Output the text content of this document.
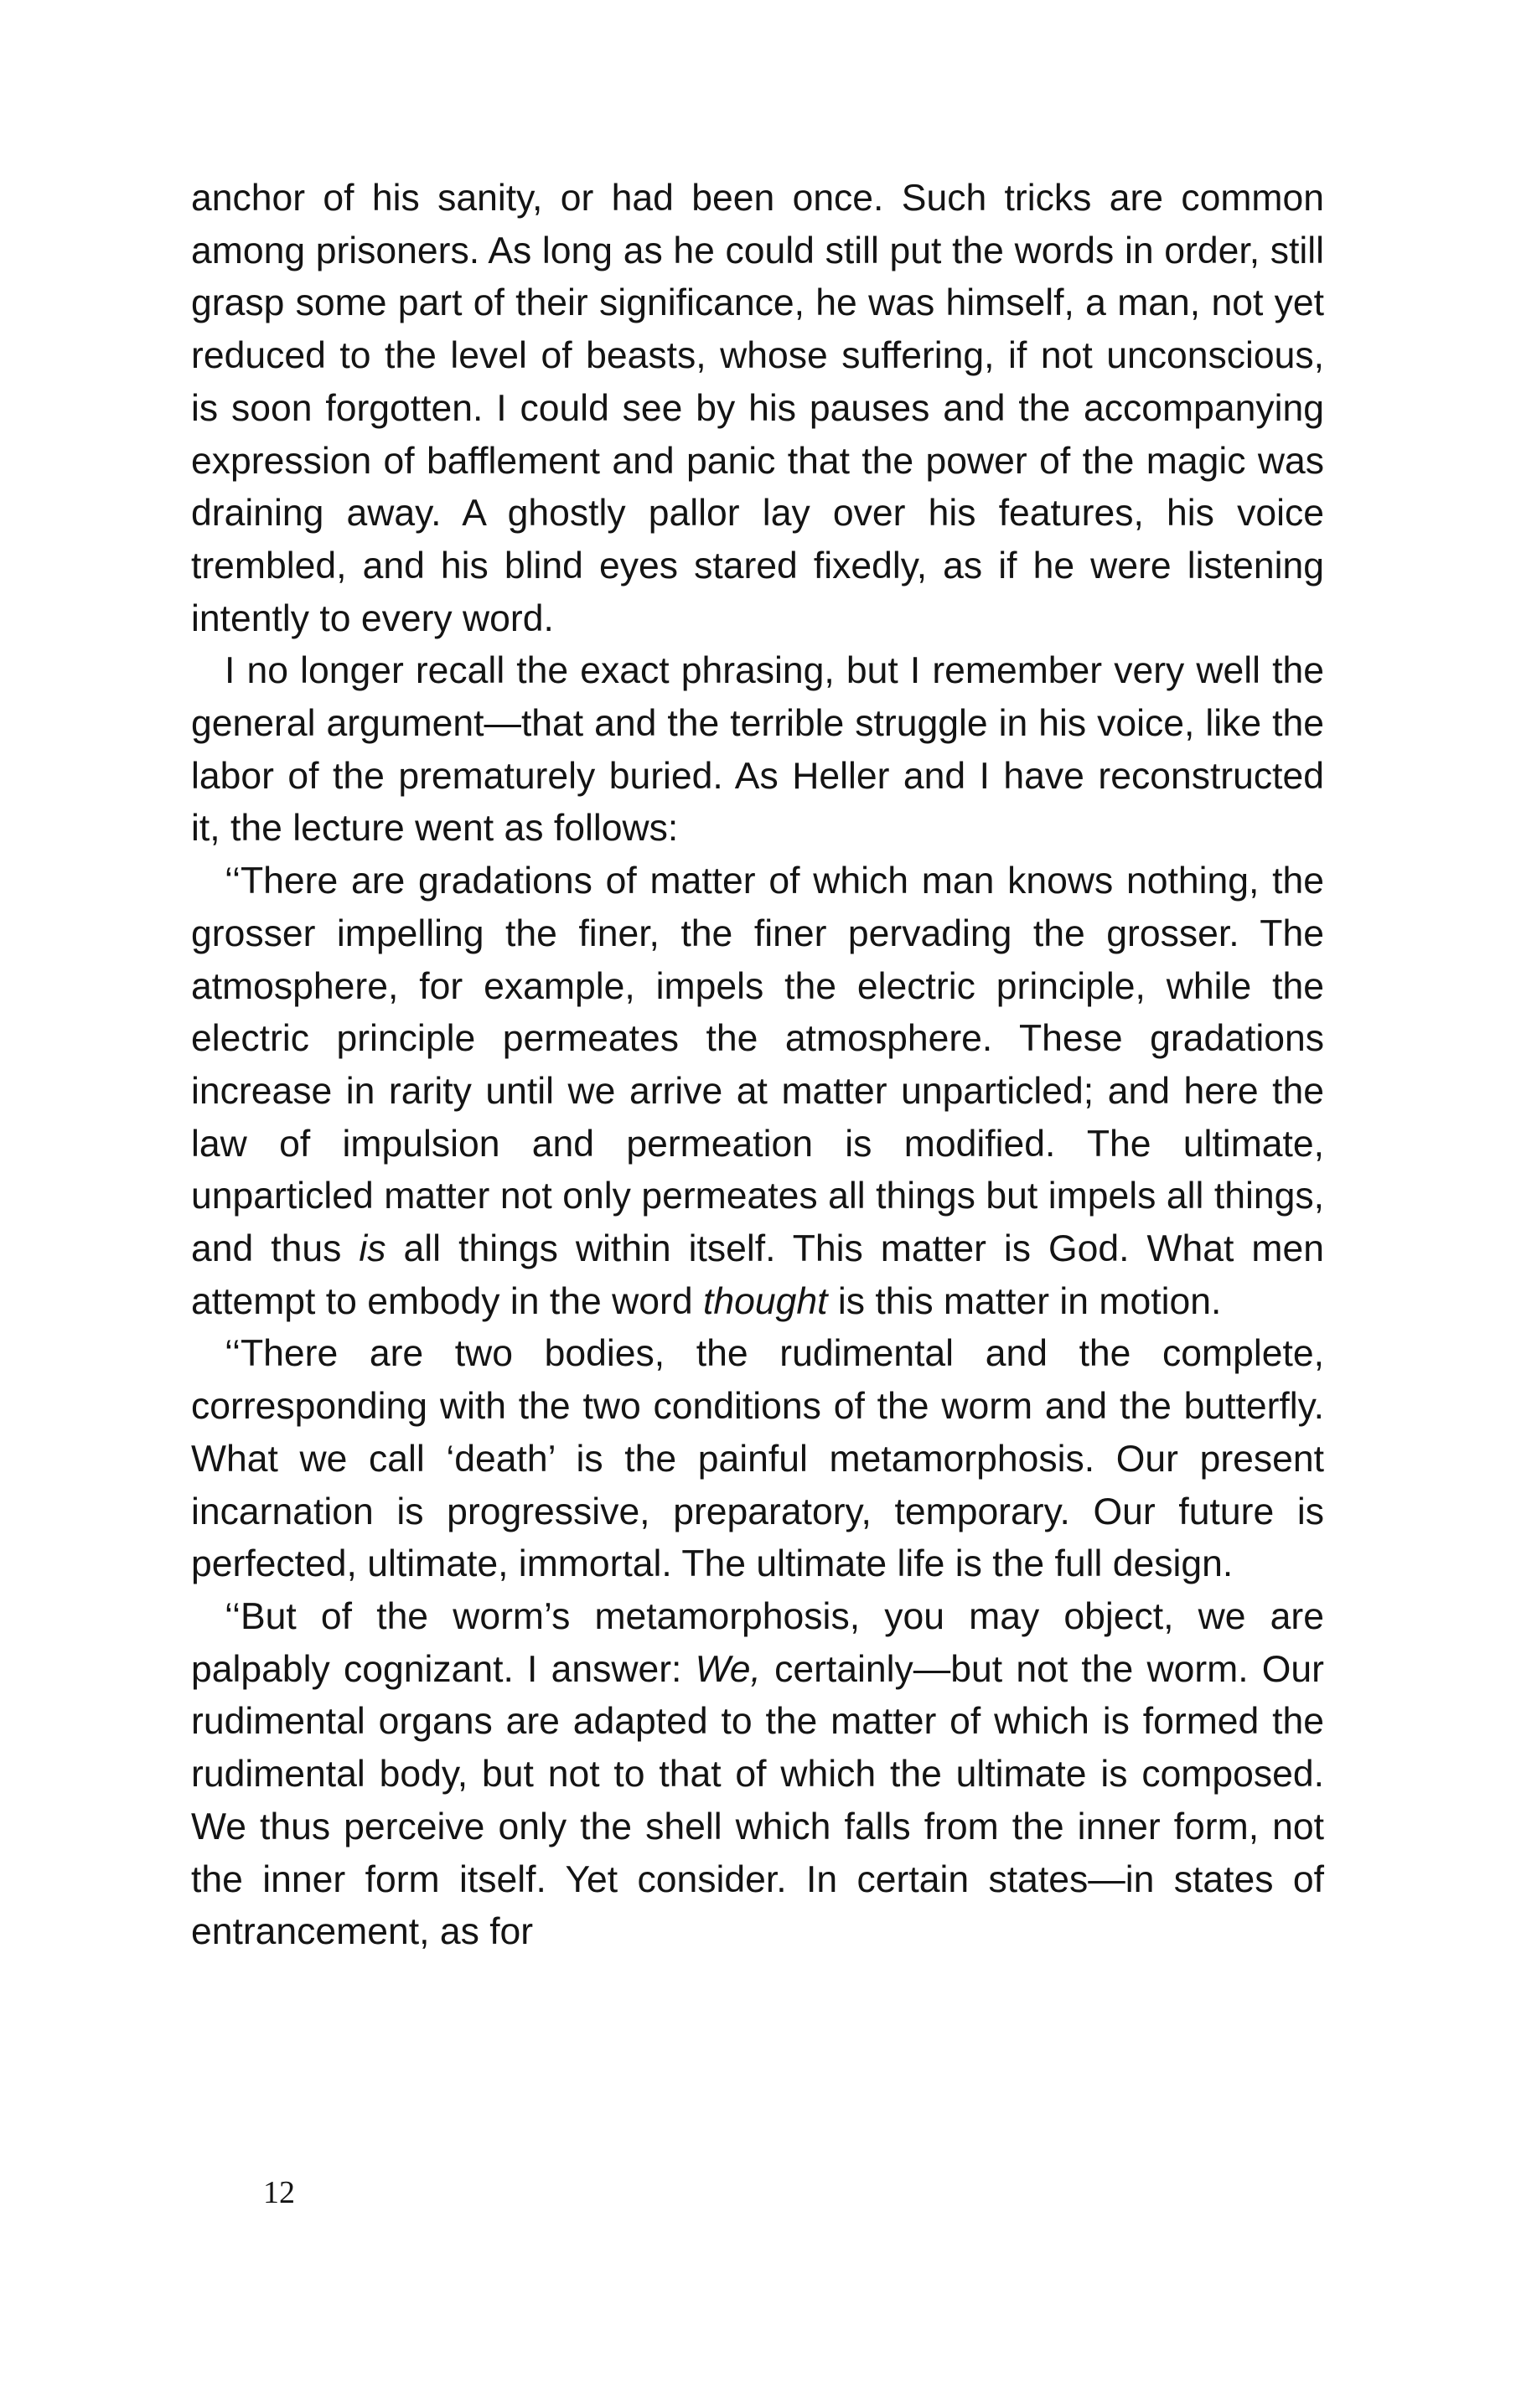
anchor of his sanity, or had been once. Such tricks are common among prisoners. As long as he could still put the words in order, still grasp some part of their significance, he was himself, a man, not yet reduced to the level of beasts, whose suffering, if not unconscious, is soon forgotten. I could see by his pauses and the accompanying expression of bafflement and panic that the power of the magic was draining away. A ghostly pallor lay over his features, his voice trembled, and his blind eyes stared fixedly, as if he were listening intently to every word.

I no longer recall the exact phrasing, but I remember very well the general argument—that and the terrible struggle in his voice, like the labor of the prematurely buried. As Heller and I have reconstructed it, the lecture went as follows:

‘‘There are gradations of matter of which man knows nothing, the grosser impelling the finer, the finer pervading the grosser. The atmosphere, for example, impels the electric principle, while the electric principle permeates the atmosphere. These gradations increase in rarity until we arrive at matter unparticled; and here the law of impulsion and permeation is modified. The ultimate, unparticled matter not only permeates all things but impels all things, and thus is all things within itself. This matter is God. What men attempt to embody in the word thought is this matter in motion.

‘‘There are two bodies, the rudimental and the complete, corresponding with the two conditions of the worm and the butterfly. What we call ‘death’ is the painful metamorphosis. Our present incarnation is progressive, preparatory, temporary. Our future is perfected, ultimate, immortal. The ultimate life is the full design.

‘‘But of the worm’s metamorphosis, you may object, we are palpably cognizant. I answer: We, certainly—but not the worm. Our rudimental organs are adapted to the matter of which is formed the rudimental body, but not to that of which the ultimate is composed. We thus perceive only the shell which falls from the inner form, not the inner form itself. Yet consider. In certain states—in states of entrancement, as for

12
